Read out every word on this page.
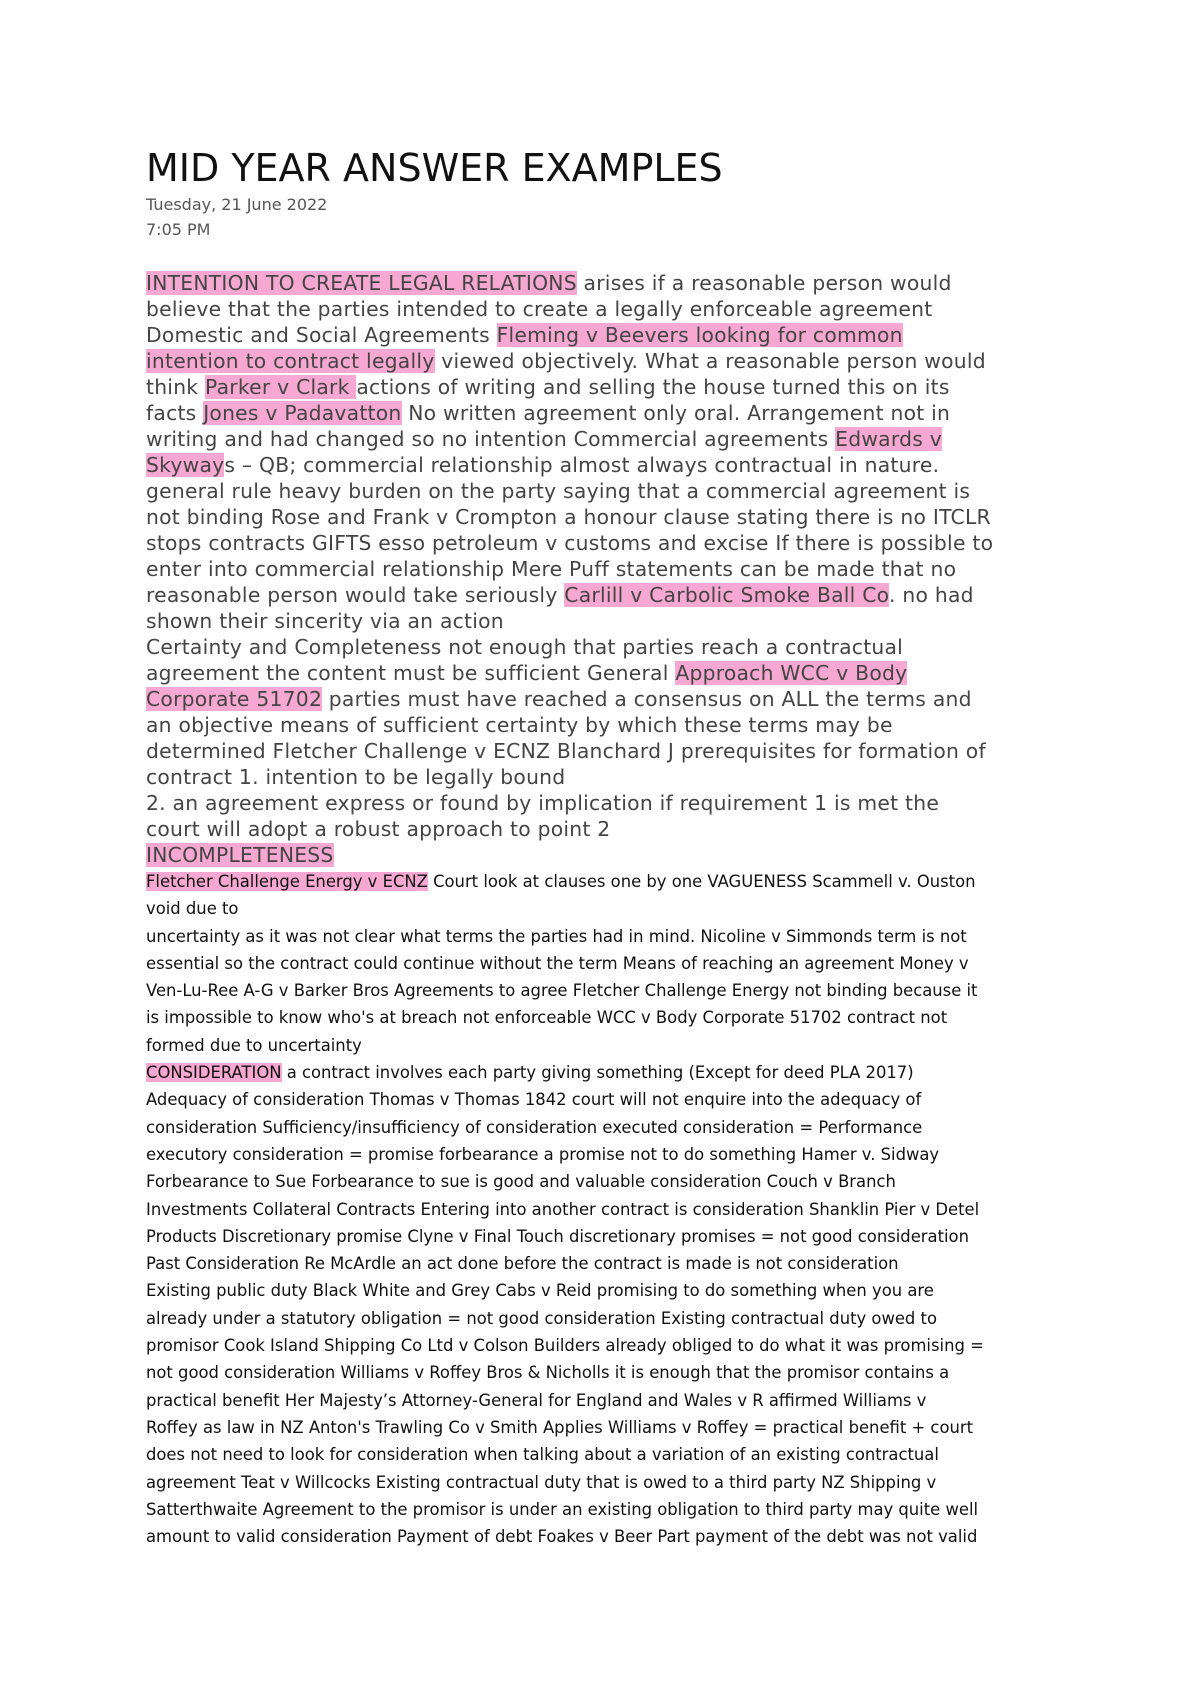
MID YEAR ANSWER EXAMPLES
Tuesday, 21 June 2022
7:05 PM
INTENTION TO CREATE LEGAL RELATIONS arises if a reasonable person would
believe that the parties intended to create a legally enforceable agreement
Domestic and Social Agreements Fleming v Beevers looking for common
intention to contract legally viewed objectively. What a reasonable person would
think Parker v Clark actions of writing and selling the house turned this on its
facts Jones v Padavatton No written agreement only oral. Arrangement not in
writing and had changed so no intention Commercial agreements Edwards v
Skyways – QB; commercial relationship almost always contractual in nature.
general rule heavy burden on the party saying that a commercial agreement is
not binding Rose and Frank v Crompton a honour clause stating there is no ITCLR
stops contracts GIFTS esso petroleum v customs and excise If there is possible to
enter into commercial relationship Mere Puff statements can be made that no
reasonable person would take seriously Carlill v Carbolic Smoke Ball Co. no had
shown their sincerity via an action
Certainty and Completeness not enough that parties reach a contractual
agreement the content must be sufficient General Approach WCC v Body
Corporate 51702 parties must have reached a consensus on ALL the terms and
an objective means of sufficient certainty by which these terms may be
determined Fletcher Challenge v ECNZ Blanchard J prerequisites for formation of
contract 1. intention to be legally bound
2. an agreement express or found by implication if requirement 1 is met the
court will adopt a robust approach to point 2
INCOMPLETENESS
Fletcher Challenge Energy v ECNZ Court look at clauses one by one VAGUENESS Scammell v. Ouston
void due to
uncertainty as it was not clear what terms the parties had in mind. Nicoline v Simmonds term is not
essential so the contract could continue without the term Means of reaching an agreement Money v
Ven-Lu-Ree A-G v Barker Bros Agreements to agree Fletcher Challenge Energy not binding because it
is impossible to know who's at breach not enforceable WCC v Body Corporate 51702 contract not
formed due to uncertainty
CONSIDERATION a contract involves each party giving something (Except for deed PLA 2017)
Adequacy of consideration Thomas v Thomas 1842 court will not enquire into the adequacy of
consideration Sufficiency/insufficiency of consideration executed consideration = Performance
executory consideration = promise forbearance a promise not to do something Hamer v. Sidway
Forbearance to Sue Forbearance to sue is good and valuable consideration Couch v Branch
Investments Collateral Contracts Entering into another contract is consideration Shanklin Pier v Detel
Products Discretionary promise Clyne v Final Touch discretionary promises = not good consideration
Past Consideration Re McArdle an act done before the contract is made is not consideration
Existing public duty Black White and Grey Cabs v Reid promising to do something when you are
already under a statutory obligation = not good consideration Existing contractual duty owed to
promisor Cook Island Shipping Co Ltd v Colson Builders already obliged to do what it was promising =
not good consideration Williams v Roffey Bros & Nicholls it is enough that the promisor contains a
practical benefit Her Majesty’s Attorney-General for England and Wales v R affirmed Williams v
Roffey as law in NZ Anton's Trawling Co v Smith Applies Williams v Roffey = practical benefit + court
does not need to look for consideration when talking about a variation of an existing contractual
agreement Teat v Willcocks Existing contractual duty that is owed to a third party NZ Shipping v
Satterthwaite Agreement to the promisor is under an existing obligation to third party may quite well
amount to valid consideration Payment of debt Foakes v Beer Part payment of the debt was not valid
